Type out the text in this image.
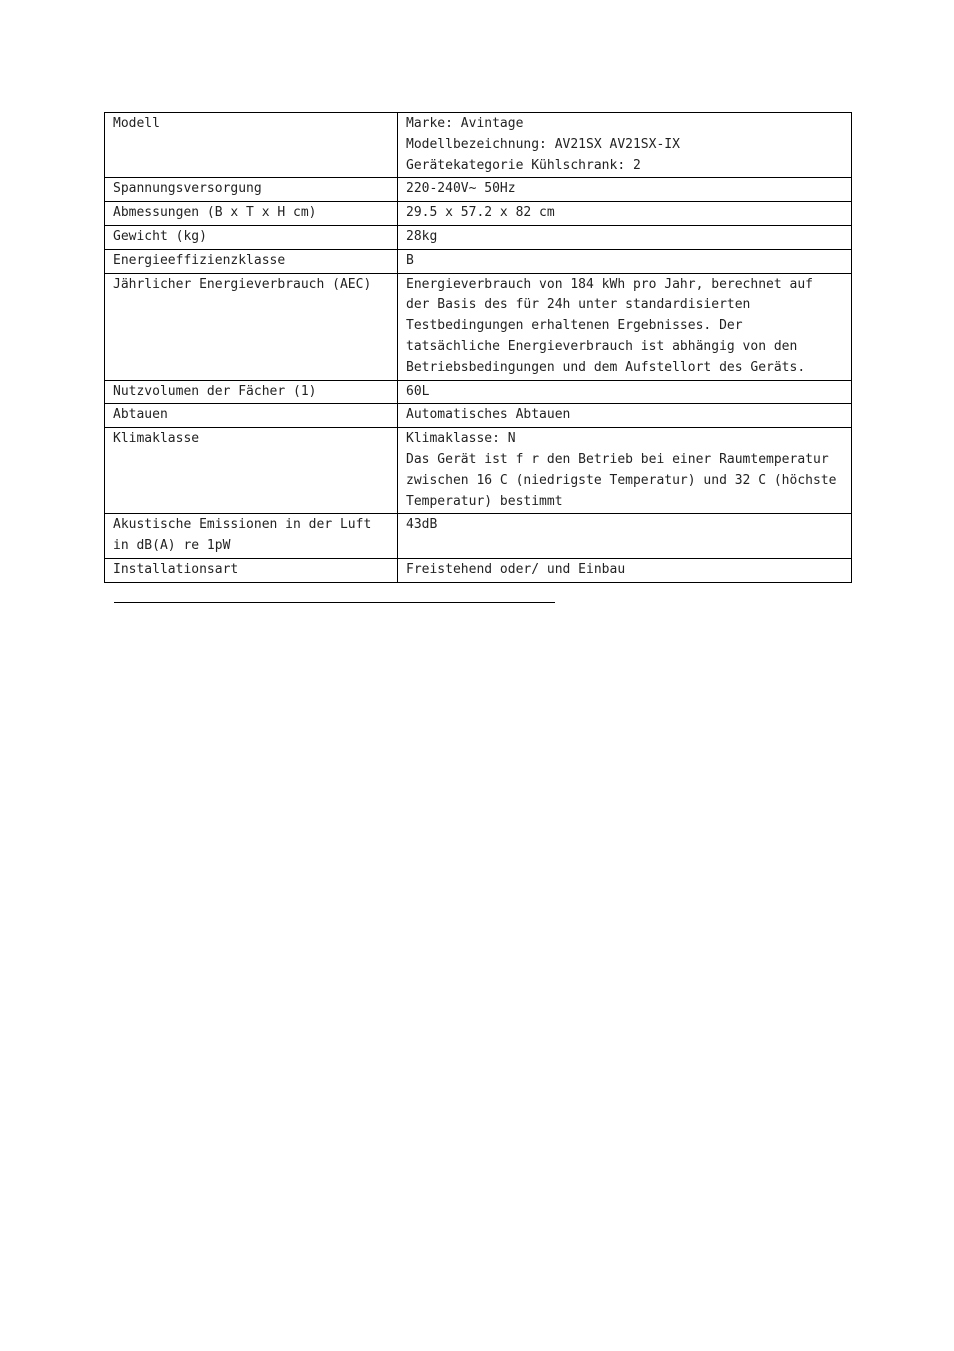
Modell	Marke: Avintage
Modellbezeichnung: AV21SX AV21SX-IX
Gerätekategorie Kühlschrank: 2

Spannungsversorgung	220-240V~ 50Hz

Abmessungen (B x T x H cm)	29.5 x 57.2 x 82 cm

Gewicht (kg)	28kg

Energieeffizienzklasse	B

Jährlicher Energieverbrauch (AEC)	Energieverbrauch von 184 kWh pro Jahr, berechnet auf
der Basis des für 24h unter standardisierten
Testbedingungen erhaltenen Ergebnisses. Der
tatsächliche Energieverbrauch ist abhängig von den
Betriebsbedingungen und dem Aufstellort des Geräts.

Nutzvolumen der Fächer (1)	60L

Abtauen	Automatisches Abtauen

Klimaklasse	Klimaklasse: N
Das Gerät ist f r den Betrieb bei einer Raumtemperatur
zwischen 16 C (niedrigste Temperatur) und 32 C (höchste
Temperatur) bestimmt

Akustische Emissionen in der Luft
in dB(A) re 1pW	43dB

Installationsart	Freistehend oder/ und Einbau
